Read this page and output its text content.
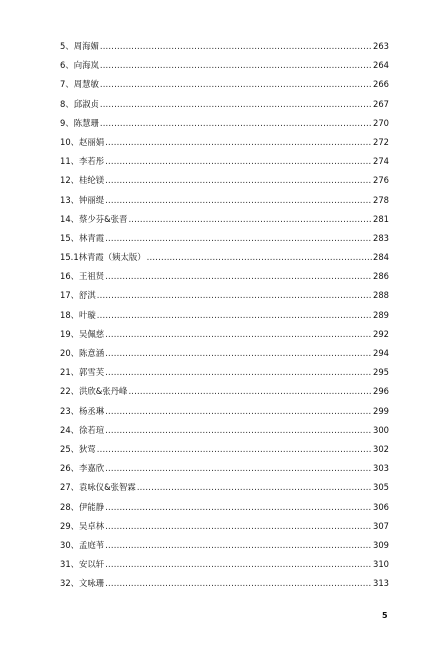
5、周海媚 .....	263
6、向海岚 .....	264
7、周慧敏 .....	266
8、邱淑贞 .....	267
9、陈慧珊 .....	270
10、赵丽娟 .....	272
11、李若彤 .....	274
12、桂纶镁 .....	276
13、钟丽缇 .....	278
14、蔡少芬&张晋 .....	281
15、林青霞 .....	283
15.1林青霞（姨太版） .....	284
16、王祖贤 .....	286
17、舒淇 .....	288
18、叶璇 .....	289
19、吴佩慈 .....	292
20、陈意涵 .....	294
21、郭雪芙 .....	295
22、洪欣&张丹峰 .....	296
23、杨丞琳 .....	299
24、徐若瑄 .....	300
25、狄莺 .....	302
26、李嘉欣 .....	303
27、袁咏仪&张智霖 .....	305
28、伊能静 .....	306
29、吴卓林 .....	307
30、孟庭苇 .....	309
31、安以轩 .....	310
32、文咏珊 .....	313
5
